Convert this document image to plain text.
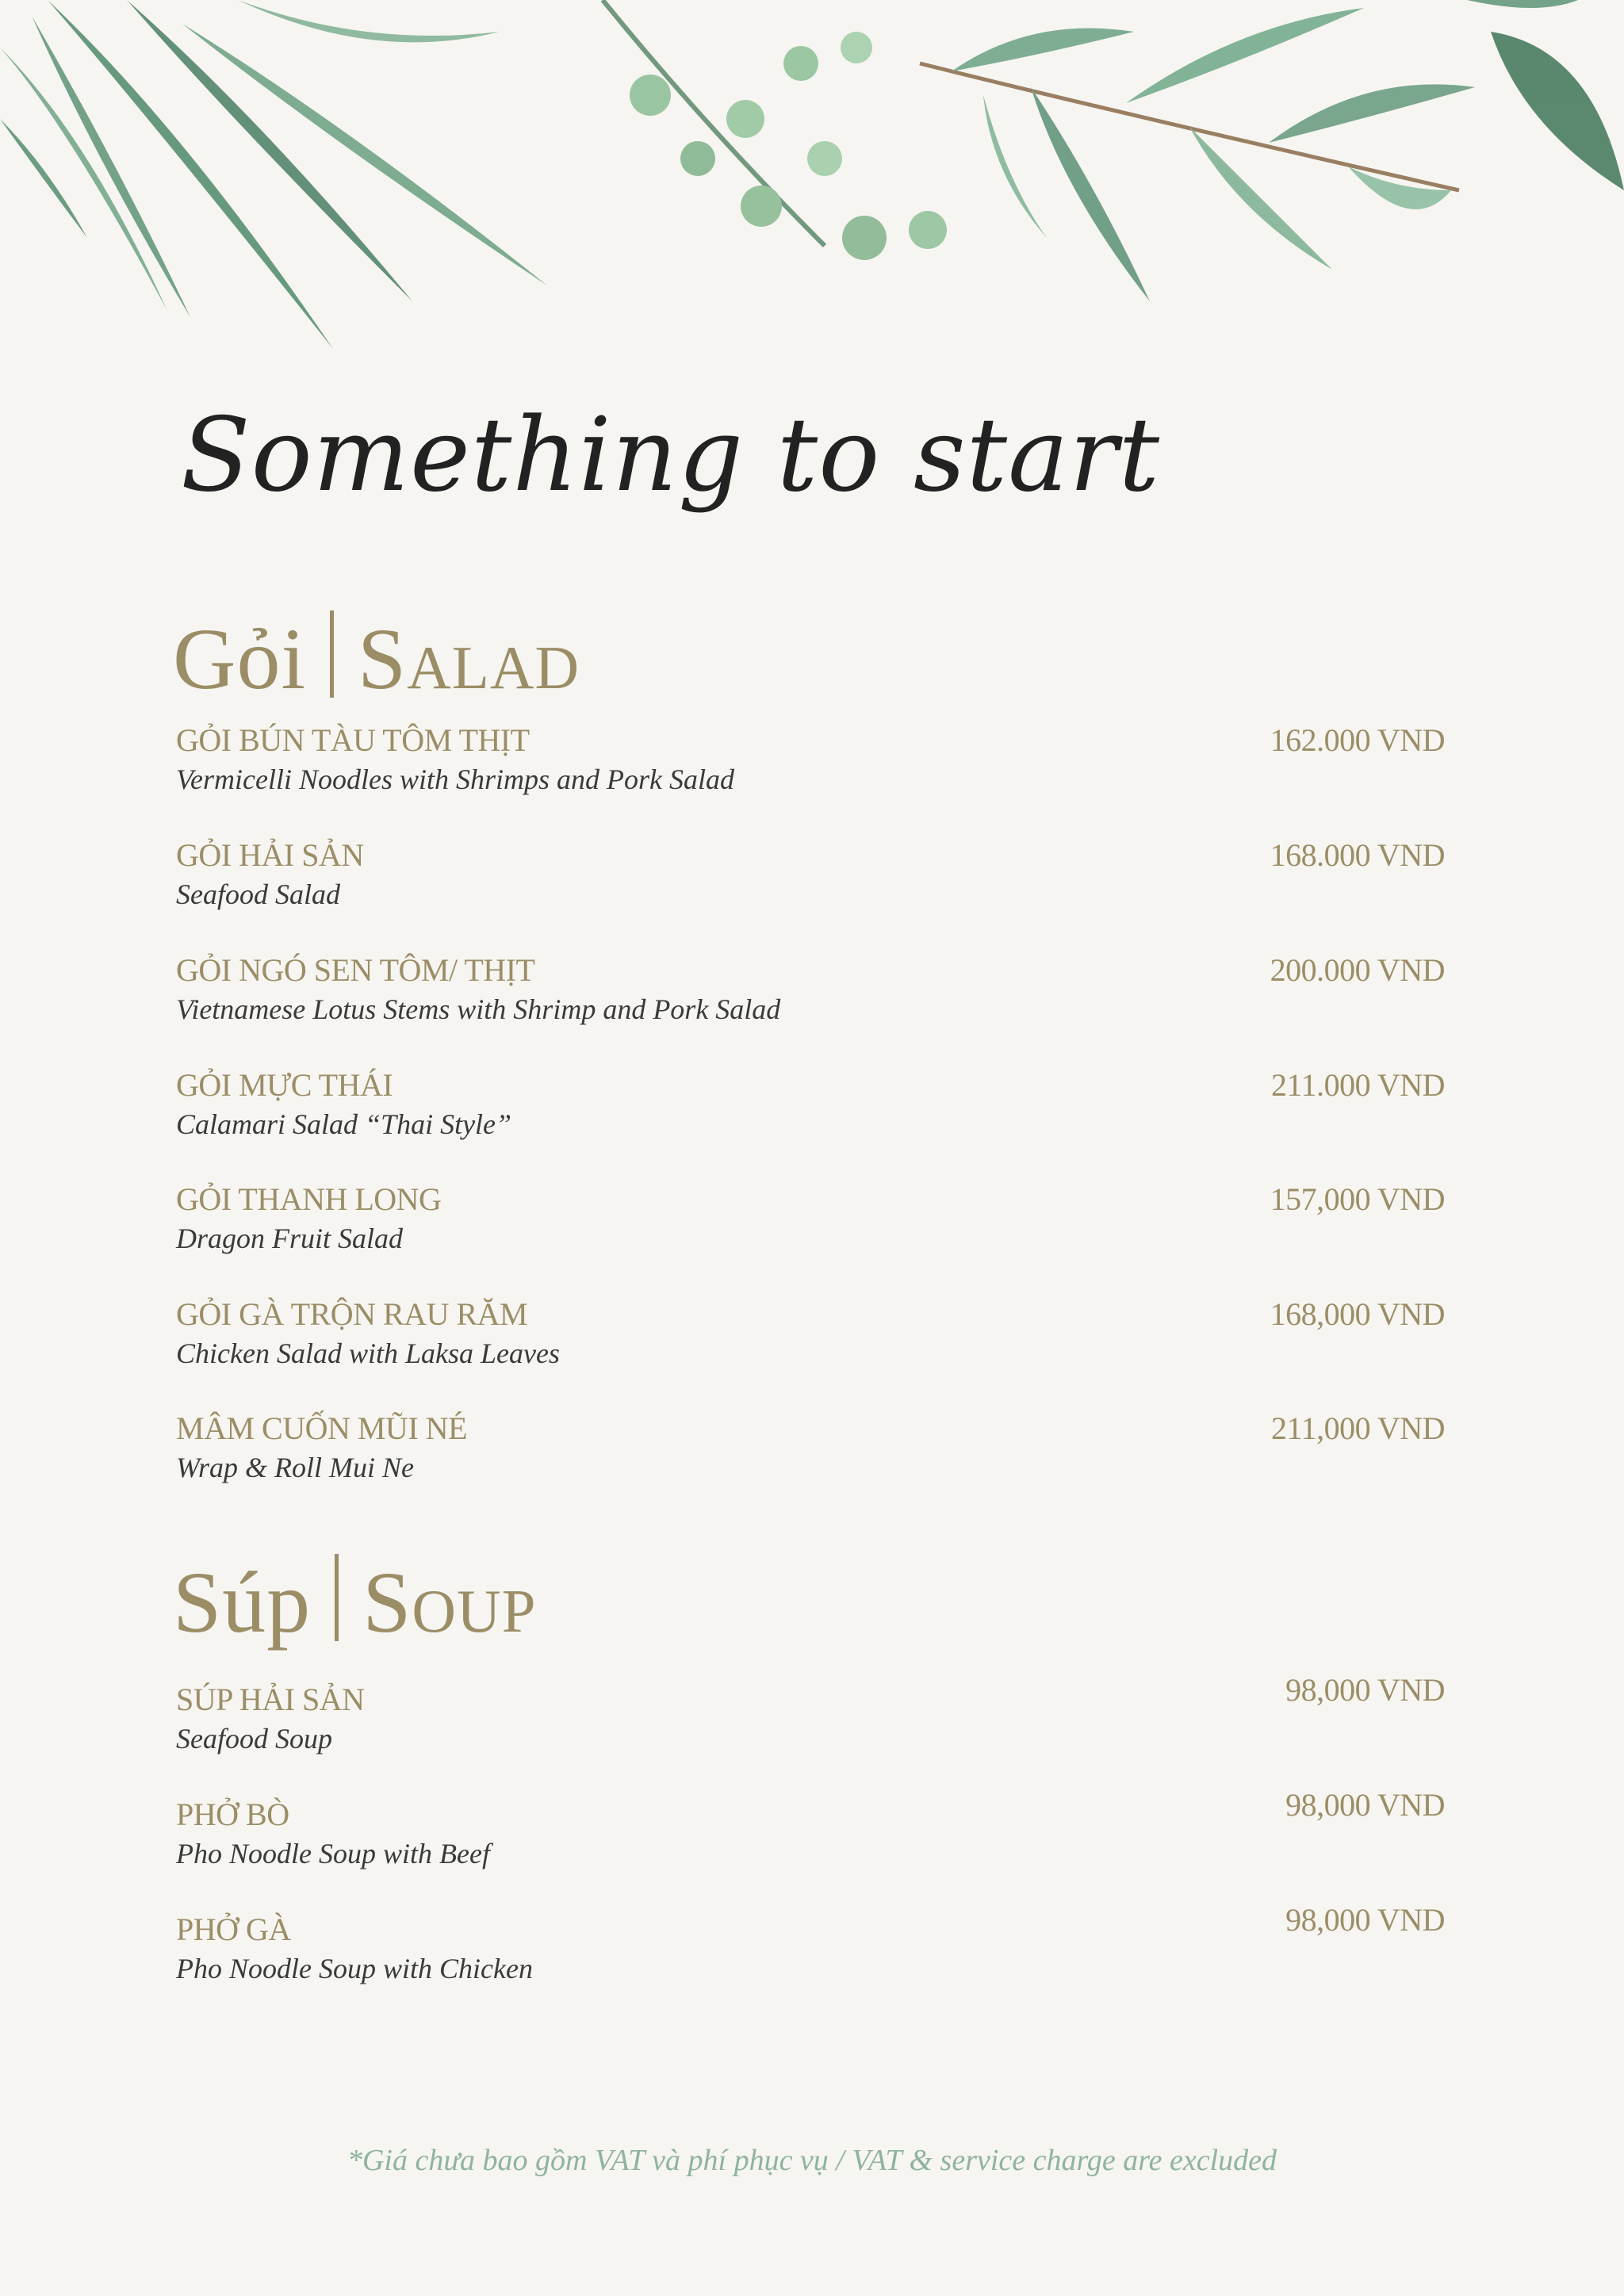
Something to start
Gỏi Salad
GỎI BÚN TÀU TÔM THỊT
Vermicelli Noodles with Shrimps and Pork Salad
162.000 VND
GỎI HẢI SẢN
Seafood Salad
168.000 VND
GỎI NGÓ SEN TÔM/ THỊT
Vietnamese Lotus Stems with Shrimp and Pork Salad
200.000 VND
GỎI MỰC THÁI
Calamari Salad “Thai Style”
211.000 VND
GỎI THANH LONG
Dragon Fruit Salad
157,000 VND
GỎI GÀ TRỘN RAU RĂM
Chicken Salad with Laksa Leaves
168,000 VND
MÂM CUỐN MŨI NÉ
Wrap & Roll Mui Ne
211,000 VND
Súp Soup
SÚP HẢI SẢN
Seafood Soup
98,000 VND
PHỞ BÒ
Pho Noodle Soup with Beef
98,000 VND
PHỞ GÀ
Pho Noodle Soup with Chicken
98,000 VND
*Giá chưa bao gồm VAT và phí phục vụ / VAT & service charge are excluded
